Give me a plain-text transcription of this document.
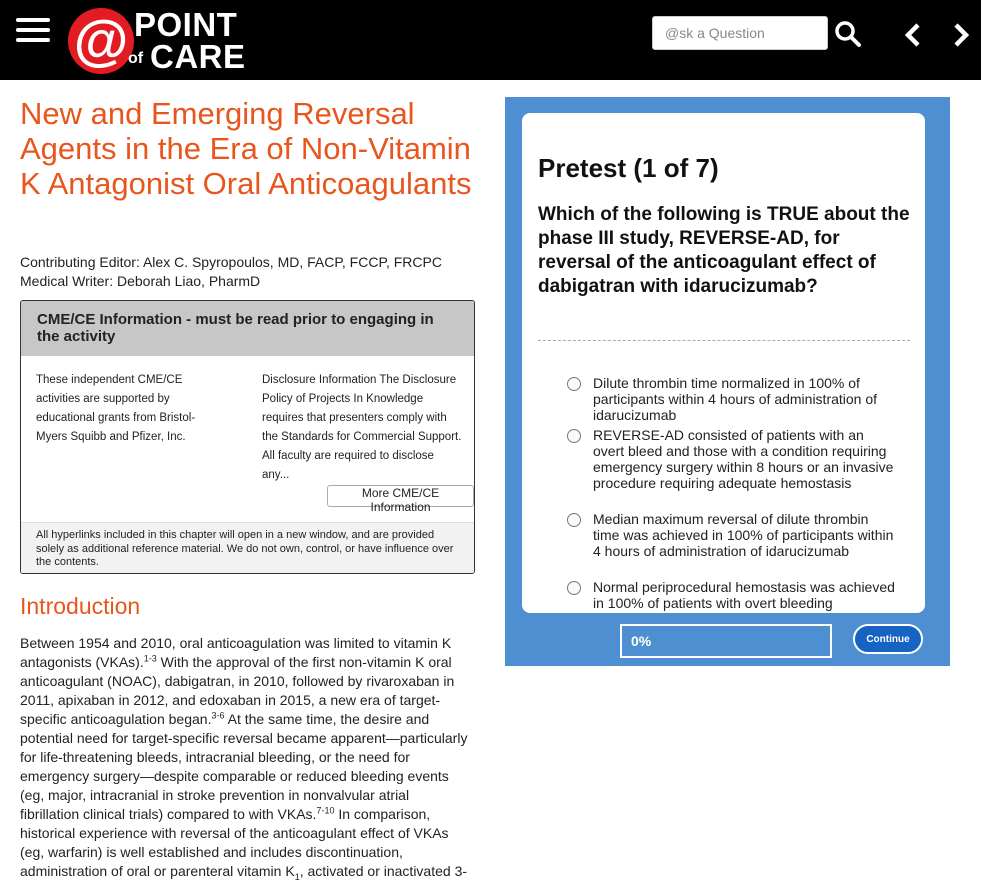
@ POINT
of CARE
@sk a Question
New and Emerging Reversal Agents in the Era of Non-Vitamin K Antagonist Oral Anticoagulants
Contributing Editor: Alex C. Spyropoulos, MD, FACP, FCCP, FRCPC
Medical Writer: Deborah Liao, PharmD
CME/CE Information - must be read prior to engaging in the activity
These independent CME/CE activities are supported by educational grants from Bristol-Myers Squibb and Pfizer, Inc.
Disclosure Information The Disclosure Policy of Projects In Knowledge requires that presenters comply with the Standards for Commercial Support. All faculty are required to disclose any...
More CME/CE Information
All hyperlinks included in this chapter will open in a new window, and are provided solely as additional reference material. We do not own, control, or have influence over the contents.
Introduction

Between 1954 and 2010, oral anticoagulation was limited to vitamin K antagonists (VKAs).$^{1-3}$ With the approval of the first non-vitamin K oral anticoagulant (NOAC), dabigatran, in 2010, followed by rivaroxaban in 2011, apixaban in 2012, and edoxaban in 2015, a new era of target-specific anticoagulation began.$^{3-6}$ At the same time, the desire and potential need for target-specific reversal became apparent—particularly for life-threatening bleeds, intracranial bleeding, or the need for emergency surgery—despite comparable or reduced bleeding events (eg, major, intracranial in stroke prevention in nonvalvular atrial fibrillation clinical trials) compared to with VKAs.$^{7-10}$ In comparison, historical experience with reversal of the anticoagulant effect of VKAs (eg, warfarin) is well established and includes discontinuation, administration of oral or parenteral vitamin $K_1$, activated or inactivated 3-

Pretest (1 of 7)
Which of the following is TRUE about the phase III study, REVERSE-AD, for reversal of the anticoagulant effect of dabigatran with idarucizumab?
Dilute thrombin time normalized in 100% of participants within 4 hours of administration of idarucizumab
REVERSE-AD consisted of patients with an overt bleed and those with a condition requiring emergency surgery within 8 hours or an invasive procedure requiring adequate hemostasis
Median maximum reversal of dilute thrombin time was achieved in 100% of participants within 4 hours of administration of idarucizumab
Normal periprocedural hemostasis was achieved in 100% of patients with overt bleeding
0%	Continue
